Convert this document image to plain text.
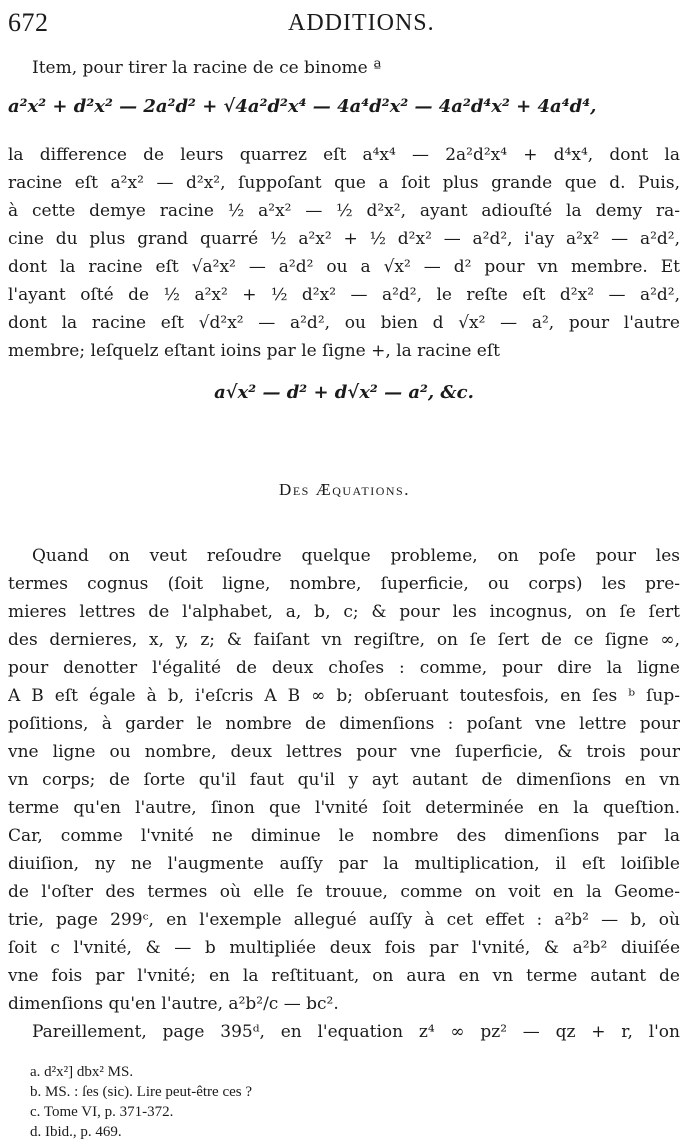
672	ADDITIONS.
Item, pour tirer la racine de ce binome ª
a²x² + d²x² — 2a²d² + √4a²d²x⁴ — 4a⁴d²x² — 4a²d⁴x² + 4a⁴d⁴,
la difference de leurs quarrez eſt a⁴x⁴ — 2a²d²x⁴ + d⁴x⁴, dont la
racine eſt a²x² — d²x², ſuppoſant que a ſoit plus grande que d. Puis,
à cette demye racine ½ a²x² — ½ d²x², ayant adiouſté la demy ra-
cine du plus grand quarré ½ a²x² + ½ d²x² — a²d², i'ay a²x² — a²d²,
dont la racine eſt √a²x² — a²d² ou a √x² — d² pour vn membre. Et
l'ayant oſté de ½ a²x² + ½ d²x² — a²d², le reſte eſt d²x² — a²d²,
dont la racine eſt √d²x² — a²d², ou bien d √x² — a², pour l'autre
membre; leſquelz eſtant ioins par le ſigne +, la racine eſt
a√x² — d² + d√x² — a², &c.
Des Æquations.
Quand on veut reſoudre quelque probleme, on poſe pour les
termes cognus (ſoit ligne, nombre, ſuperficie, ou corps) les pre-
mieres lettres de l'alphabet, a, b, c; & pour les incognus, on ſe ſert
des dernieres, x, y, z; & faiſant vn regiſtre, on ſe ſert de ce ſigne ∞,
pour denotter l'égalité de deux choſes : comme, pour dire la ligne
A B eſt égale à b, i'eſcris A B ∞ b; obſeruant toutesfois, en ſes ᵇ ſup-
poſitions, à garder le nombre de dimenſions : poſant vne lettre pour
vne ligne ou nombre, deux lettres pour vne ſuperficie, & trois pour
vn corps; de ſorte qu'il faut qu'il y ayt autant de dimenſions en vn
terme qu'en l'autre, ſinon que l'vnité ſoit determinée en la queſtion.
Car, comme l'vnité ne diminue le nombre des dimenſions par la
diuiſion, ny ne l'augmente auſſy par la multiplication, il eſt loiſible
de l'oſter des termes où elle ſe trouue, comme on voit en la Geome-
trie, page 299ᶜ, en l'exemple allegué auſſy à cet effet : a²b² — b, où
ſoit c l'vnité, & — b multipliée deux fois par l'vnité, & a²b² diuiſée
vne fois par l'vnité; en la reſtituant, on aura en vn terme autant de
dimenſions qu'en l'autre, a²b²/c — bc².
Pareillement, page 395ᵈ, en l'equation z⁴ ∞ pz² — qz + r, l'on
a. d²x²] dbx² MS.
b. MS. : ſes (sic). Lire peut-être ces ?
c. Tome VI, p. 371-372.
d. Ibid., p. 469.
